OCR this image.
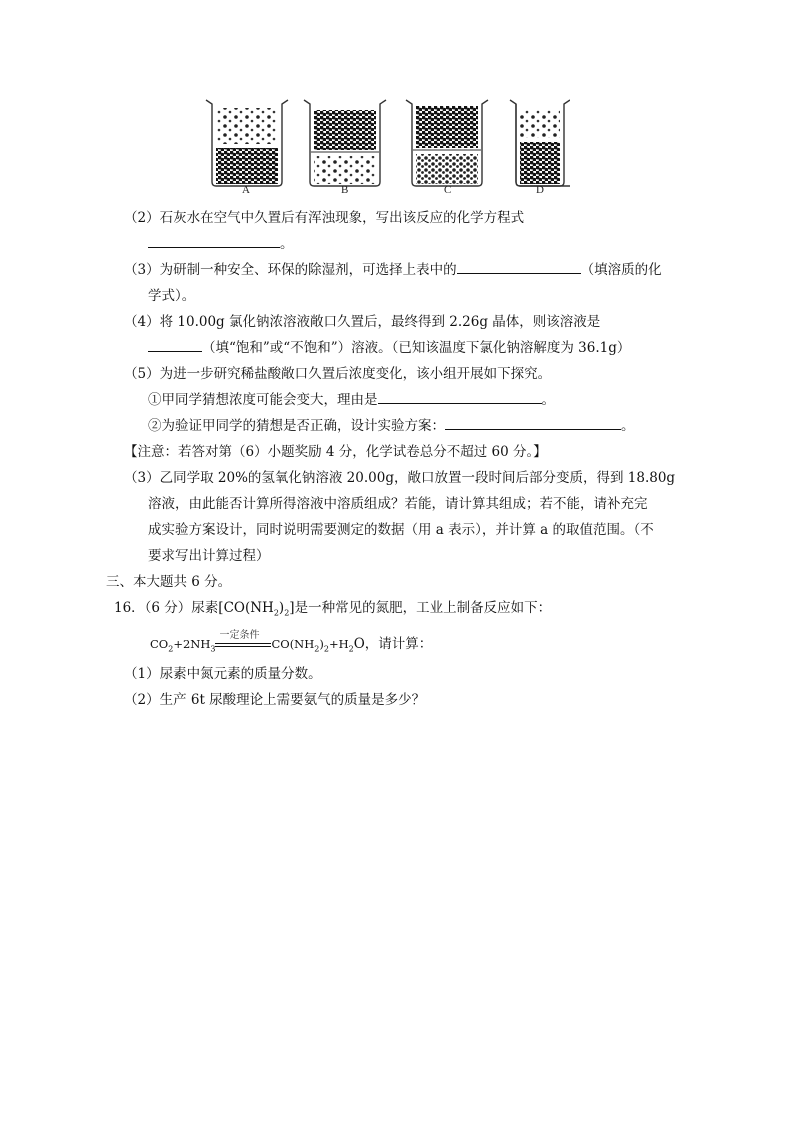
A	B	C	D
（2）石灰水在空气中久置后有浑浊现象，写出该反应的化学方程式
。
（3）为研制一种安全、环保的除湿剂，可选择上表中的	（填溶质的化
学式）。
（4）将 10.00g 氯化钠浓溶液敞口久置后，最终得到 2.26g 晶体，则该溶液是
（填“饱和”或“不饱和”）溶液。（已知该温度下氯化钠溶解度为 36.1g）
（5）为进一步研究稀盐酸敞口久置后浓度变化，该小组开展如下探究。
①甲同学猜想浓度可能会变大，理由是	。
②为验证甲同学的猜想是否正确，设计实验方案：	。
【注意：若答对第（6）小题奖励 4 分，化学试卷总分不超过 60 分。】
（3）乙同学取 20%的氢氧化钠溶液 20.00g，敞口放置一段时间后部分变质，得到 18.80g
溶液，由此能否计算所得溶液中溶质组成？若能，请计算其组成；若不能，请补充完
成实验方案设计，同时说明需要测定的数据（用 a 表示），并计算 a 的取值范围。（不
要求写出计算过程）
三、本大题共 6 分。
16．（6 分）尿素$[CO(NH_2)_2]$是一种常见的氮肥，工业上制备反应如下：
$CO_2+2NH_3$
一定条件
$CO(NH_2)_2+H_2O$，请计算：
（1）尿素中氮元素的质量分数。
（2）生产 6t 尿酸理论上需要氨气的质量是多少？
